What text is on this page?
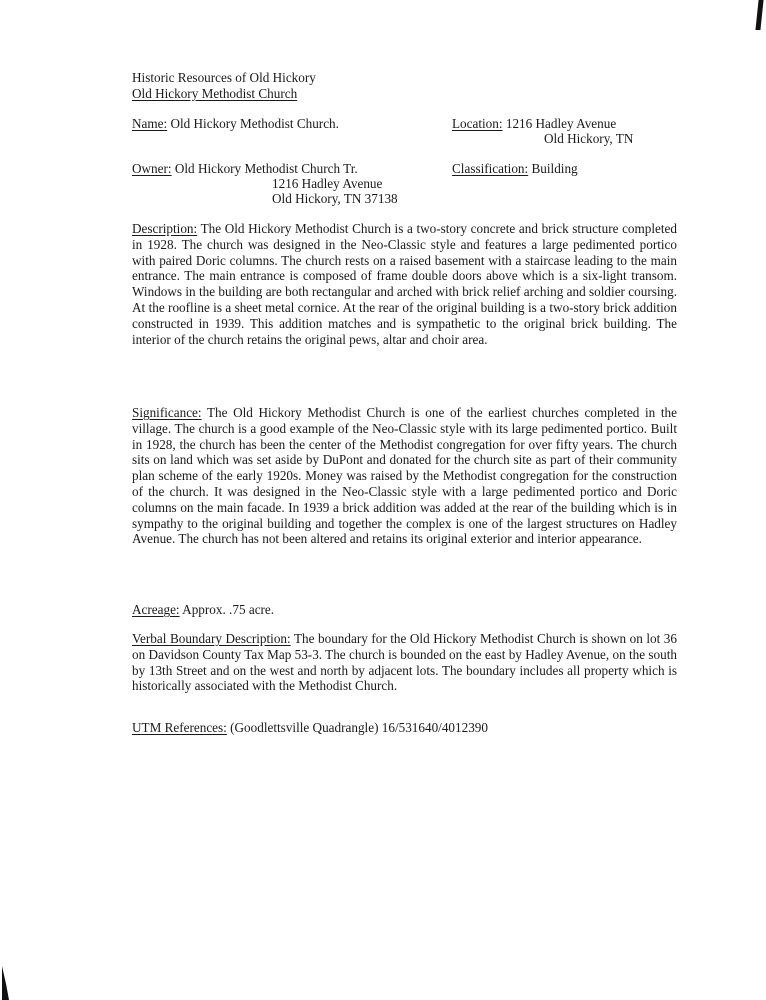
Historic Resources of Old Hickory
Old Hickory Methodist Church
Name: Old Hickory Methodist Church.	Location: 1216 Hadley Avenue
Old Hickory, TN
Owner: Old Hickory Methodist Church Tr.
1216 Hadley Avenue
Old Hickory, TN 37138
Classification: Building
Description: The Old Hickory Methodist Church is a two-story concrete and brick structure completed in 1928. The church was designed in the Neo-Classic style and features a large pedimented portico with paired Doric columns. The church rests on a raised basement with a staircase leading to the main entrance. The main entrance is composed of frame double doors above which is a six-light transom. Windows in the building are both rectangular and arched with brick relief arching and soldier coursing. At the roofline is a sheet metal cornice. At the rear of the original building is a two-story brick addition constructed in 1939. This addition matches and is sympathetic to the original brick building. The interior of the church retains the original pews, altar and choir area.
Significance: The Old Hickory Methodist Church is one of the earliest churches completed in the village. The church is a good example of the Neo-Classic style with its large pedimented portico. Built in 1928, the church has been the center of the Methodist congregation for over fifty years. The church sits on land which was set aside by DuPont and donated for the church site as part of their community plan scheme of the early 1920s. Money was raised by the Methodist congregation for the construction of the church. It was designed in the Neo-Classic style with a large pedimented portico and Doric columns on the main facade. In 1939 a brick addition was added at the rear of the building which is in sympathy to the original building and together the complex is one of the largest structures on Hadley Avenue. The church has not been altered and retains its original exterior and interior appearance.
Acreage: Approx. .75 acre.
Verbal Boundary Description: The boundary for the Old Hickory Methodist Church is shown on lot 36 on Davidson County Tax Map 53-3. The church is bounded on the east by Hadley Avenue, on the south by 13th Street and on the west and north by adjacent lots. The boundary includes all property which is historically associated with the Methodist Church.
UTM References: (Goodlettsville Quadrangle) 16/531640/4012390
